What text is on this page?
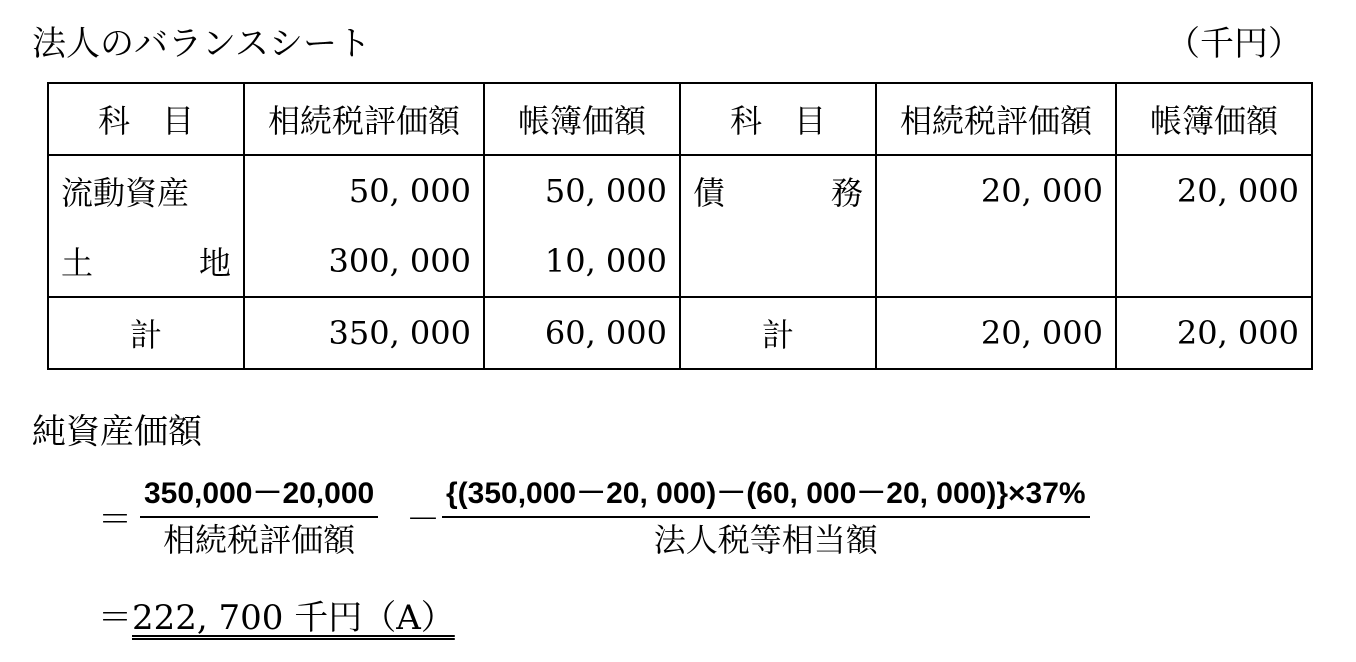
法人のバランスシート	（千円）
科　目	相続税評価額	帳簿価額	科　目	相続税評価額	帳簿価額
流動資産	50, 000	50, 000	債　　務	20, 000	20, 000
土　地	300, 000	10, 000			
計	350, 000	60, 000	計	20, 000	20, 000
純資産価額
＝
350,000－20,000
相続税評価額	－
{(350,000－20, 000)－(60, 000－20, 000)}×37%
法人税等相当額
＝222, 700 千円（A）
